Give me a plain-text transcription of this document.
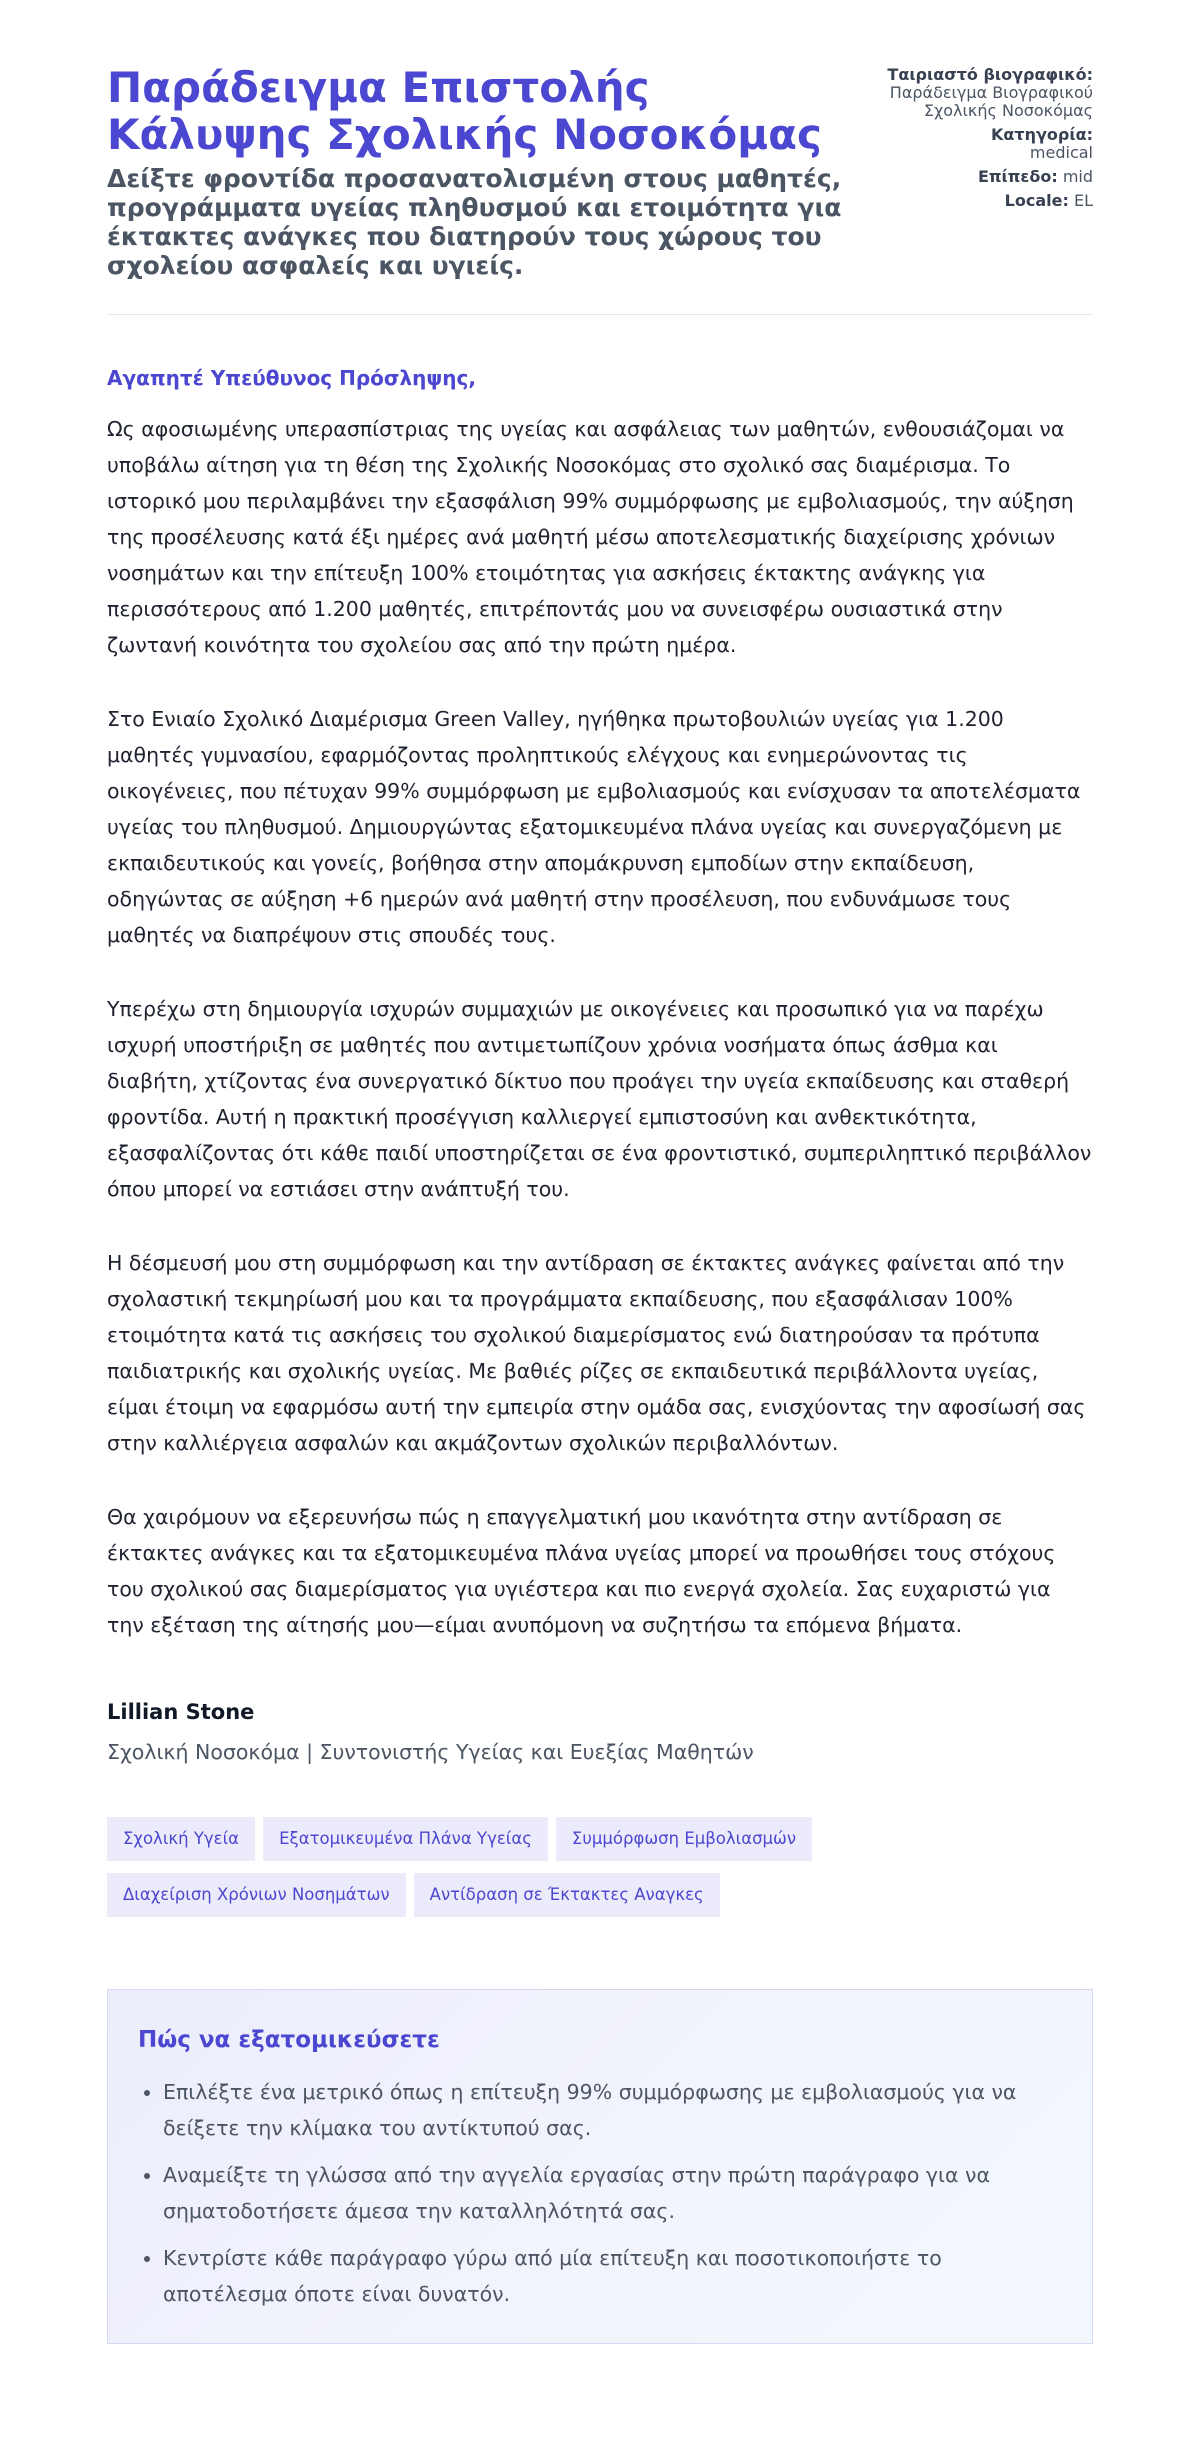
Παράδειγμα Επιστολής Κάλυψης Σχολικής Νοσοκόμας
Δείξτε φροντίδα προσανατολισμένη στους μαθητές, προγράμματα υγείας πληθυσμού και ετοιμότητα για έκτακτες ανάγκες που διατηρούν τους χώρους του σχολείου ασφαλείς και υγιείς.
Ταιριαστό βιογραφικό:
Παράδειγμα Βιογραφικού Σχολικής Νοσοκόμας
Κατηγορία:
medical
Επίπεδο: mid
Locale: EL

Αγαπητέ Υπεύθυνος Πρόσληψης,

Ως αφοσιωμένης υπερασπίστριας της υγείας και ασφάλειας των μαθητών, ενθουσιάζομαι να υποβάλω αίτηση για τη θέση της Σχολικής Νοσοκόμας στο σχολικό σας διαμέρισμα. Το ιστορικό μου περιλαμβάνει την εξασφάλιση 99% συμμόρφωσης με εμβολιασμούς, την αύξηση της προσέλευσης κατά έξι ημέρες ανά μαθητή μέσω αποτελεσματικής διαχείρισης χρόνιων νοσημάτων και την επίτευξη 100% ετοιμότητας για ασκήσεις έκτακτης ανάγκης για περισσότερους από 1.200 μαθητές, επιτρέποντάς μου να συνεισφέρω ουσιαστικά στην ζωντανή κοινότητα του σχολείου σας από την πρώτη ημέρα.

Στο Ενιαίο Σχολικό Διαμέρισμα Green Valley, ηγήθηκα πρωτοβουλιών υγείας για 1.200 μαθητές γυμνασίου, εφαρμόζοντας προληπτικούς ελέγχους και ενημερώνοντας τις οικογένειες, που πέτυχαν 99% συμμόρφωση με εμβολιασμούς και ενίσχυσαν τα αποτελέσματα υγείας του πληθυσμού. Δημιουργώντας εξατομικευμένα πλάνα υγείας και συνεργαζόμενη με εκπαιδευτικούς και γονείς, βοήθησα στην απομάκρυνση εμποδίων στην εκπαίδευση, οδηγώντας σε αύξηση +6 ημερών ανά μαθητή στην προσέλευση, που ενδυνάμωσε τους μαθητές να διαπρέψουν στις σπουδές τους.

Υπερέχω στη δημιουργία ισχυρών συμμαχιών με οικογένειες και προσωπικό για να παρέχω ισχυρή υποστήριξη σε μαθητές που αντιμετωπίζουν χρόνια νοσήματα όπως άσθμα και διαβήτη, χτίζοντας ένα συνεργατικό δίκτυο που προάγει την υγεία εκπαίδευσης και σταθερή φροντίδα. Αυτή η πρακτική προσέγγιση καλλιεργεί εμπιστοσύνη και ανθεκτικότητα, εξασφαλίζοντας ότι κάθε παιδί υποστηρίζεται σε ένα φροντιστικό, συμπεριληπτικό περιβάλλον όπου μπορεί να εστιάσει στην ανάπτυξή του.

Η δέσμευσή μου στη συμμόρφωση και την αντίδραση σε έκτακτες ανάγκες φαίνεται από την σχολαστική τεκμηρίωσή μου και τα προγράμματα εκπαίδευσης, που εξασφάλισαν 100% ετοιμότητα κατά τις ασκήσεις του σχολικού διαμερίσματος ενώ διατηρούσαν τα πρότυπα παιδιατρικής και σχολικής υγείας. Με βαθιές ρίζες σε εκπαιδευτικά περιβάλλοντα υγείας, είμαι έτοιμη να εφαρμόσω αυτή την εμπειρία στην ομάδα σας, ενισχύοντας την αφοσίωσή σας στην καλλιέργεια ασφαλών και ακμάζοντων σχολικών περιβαλλόντων.

Θα χαιρόμουν να εξερευνήσω πώς η επαγγελματική μου ικανότητα στην αντίδραση σε έκτακτες ανάγκες και τα εξατομικευμένα πλάνα υγείας μπορεί να προωθήσει τους στόχους του σχολικού σας διαμερίσματος για υγιέστερα και πιο ενεργά σχολεία. Σας ευχαριστώ για την εξέταση της αίτησής μου—είμαι ανυπόμονη να συζητήσω τα επόμενα βήματα.

Lillian Stone

Σχολική Νοσοκόμα | Συντονιστής Υγείας και Ευεξίας Μαθητών

Σχολική Υγεία Εξατομικευμένα Πλάνα Υγείας Συμμόρφωση Εμβολιασμών
Διαχείριση Χρόνιων Νοσημάτων Αντίδραση σε Έκτακτες Αναγκες
Πώς να εξατομικεύσετε
• Επιλέξτε ένα μετρικό όπως η επίτευξη 99% συμμόρφωσης με εμβολιασμούς για να δείξετε την κλίμακα του αντίκτυπού σας.
• Αναμείξτε τη γλώσσα από την αγγελία εργασίας στην πρώτη παράγραφο για να σηματοδοτήσετε άμεσα την καταλληλότητά σας.
• Κεντρίστε κάθε παράγραφο γύρω από μία επίτευξη και ποσοτικοποιήστε το αποτέλεσμα όποτε είναι δυνατόν.
